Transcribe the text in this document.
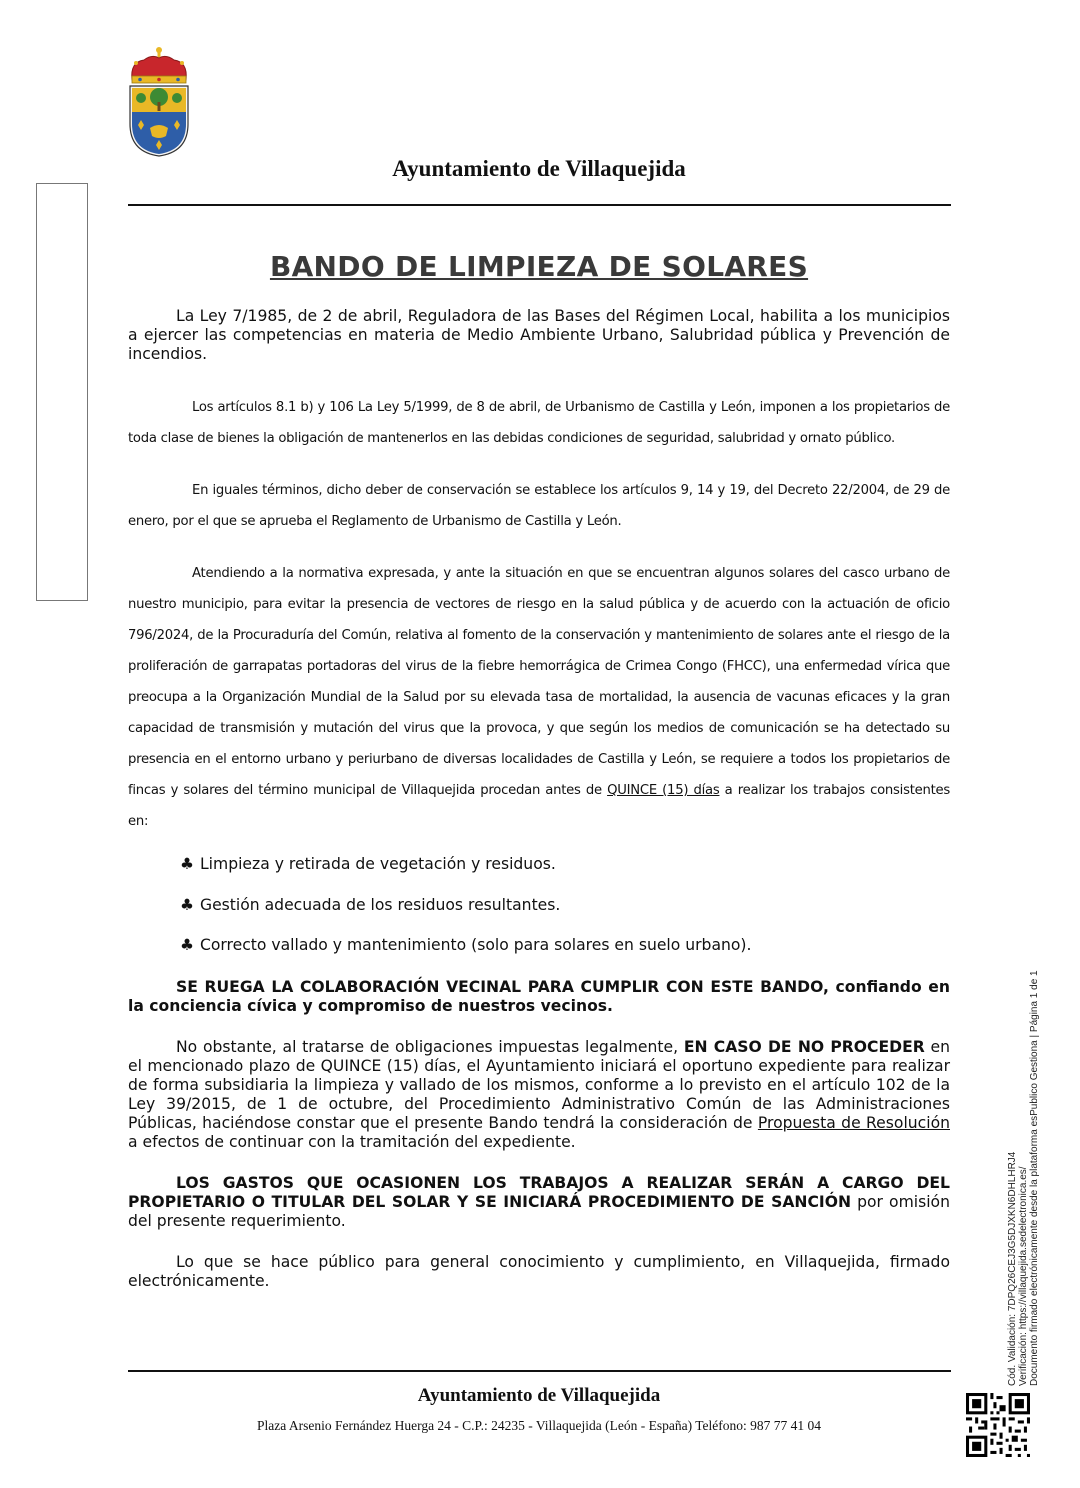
Ayuntamiento de Villaquejida
BANDO DE LIMPIEZA DE SOLARES

La Ley 7/1985, de 2 de abril, Reguladora de las Bases del Régimen Local, habilita a los municipios a ejercer las competencias en materia de Medio Ambiente Urbano, Salubridad pública y Prevención de incendios.

Los artículos 8.1 b) y 106 La Ley 5/1999, de 8 de abril, de Urbanismo de Castilla y León, imponen a los propietarios de toda clase de bienes la obligación de mantenerlos en las debidas condiciones de seguridad, salubridad y ornato público.

En iguales términos, dicho deber de conservación se establece los artículos 9, 14 y 19, del Decreto 22/2004, de 29 de enero, por el que se aprueba el Reglamento de Urbanismo de Castilla y León.

Atendiendo a la normativa expresada, y ante la situación en que se encuentran algunos solares del casco urbano de nuestro municipio, para evitar la presencia de vectores de riesgo en la salud pública y de acuerdo con la actuación de oficio 796/2024, de la Procuraduría del Común, relativa al fomento de la conservación y mantenimiento de solares ante el riesgo de la proliferación de garrapatas portadoras del virus de la fiebre hemorrágica de Crimea Congo (FHCC), una enfermedad vírica que preocupa a la Organización Mundial de la Salud por su elevada tasa de mortalidad, la ausencia de vacunas eficaces y la gran capacidad de transmisión y mutación del virus que la provoca, y que según los medios de comunicación se ha detectado su presencia en el entorno urbano y periurbano de diversas localidades de Castilla y León, se requiere a todos los propietarios de fincas y solares del término municipal de Villaquejida procedan antes de QUINCE (15) días a realizar los trabajos consistentes en:

♣ Limpieza y retirada de vegetación y residuos.
♣ Gestión adecuada de los residuos resultantes.
♣ Correcto vallado y mantenimiento (solo para solares en suelo urbano).

SE RUEGA LA COLABORACIÓN VECINAL PARA CUMPLIR CON ESTE BANDO, confiando en la conciencia cívica y compromiso de nuestros vecinos.

No obstante, al tratarse de obligaciones impuestas legalmente, EN CASO DE NO PROCEDER en el mencionado plazo de QUINCE (15) días, el Ayuntamiento iniciará el oportuno expediente para realizar de forma subsidiaria la limpieza y vallado de los mismos, conforme a lo previsto en el artículo 102 de la Ley 39/2015, de 1 de octubre, del Procedimiento Administrativo Común de las Administraciones Públicas, haciéndose constar que el presente Bando tendrá la consideración de Propuesta de Resolución a efectos de continuar con la tramitación del expediente.

LOS GASTOS QUE OCASIONEN LOS TRABAJOS A REALIZAR SERÁN A CARGO DEL PROPIETARIO O TITULAR DEL SOLAR Y SE INICIARÁ PROCEDIMIENTO DE SANCIÓN por omisión del presente requerimiento.

Lo que se hace público para general conocimiento y cumplimiento, en Villaquejida, firmado electrónicamente.

Ayuntamiento de Villaquejida
Plaza Arsenio Fernández Huerga 24 - C.P.: 24235 - Villaquejida (León - España) Teléfono: 987 77 41 04
Cód. Validación: 7DPQ26CEJ3G5DJXKN6DHLHRJ4 Verificación: https://villaquejida.sedelectronica.es/ Documento firmado electrónicamente desde la plataforma esPublico Gestiona | Página 1 de 1
